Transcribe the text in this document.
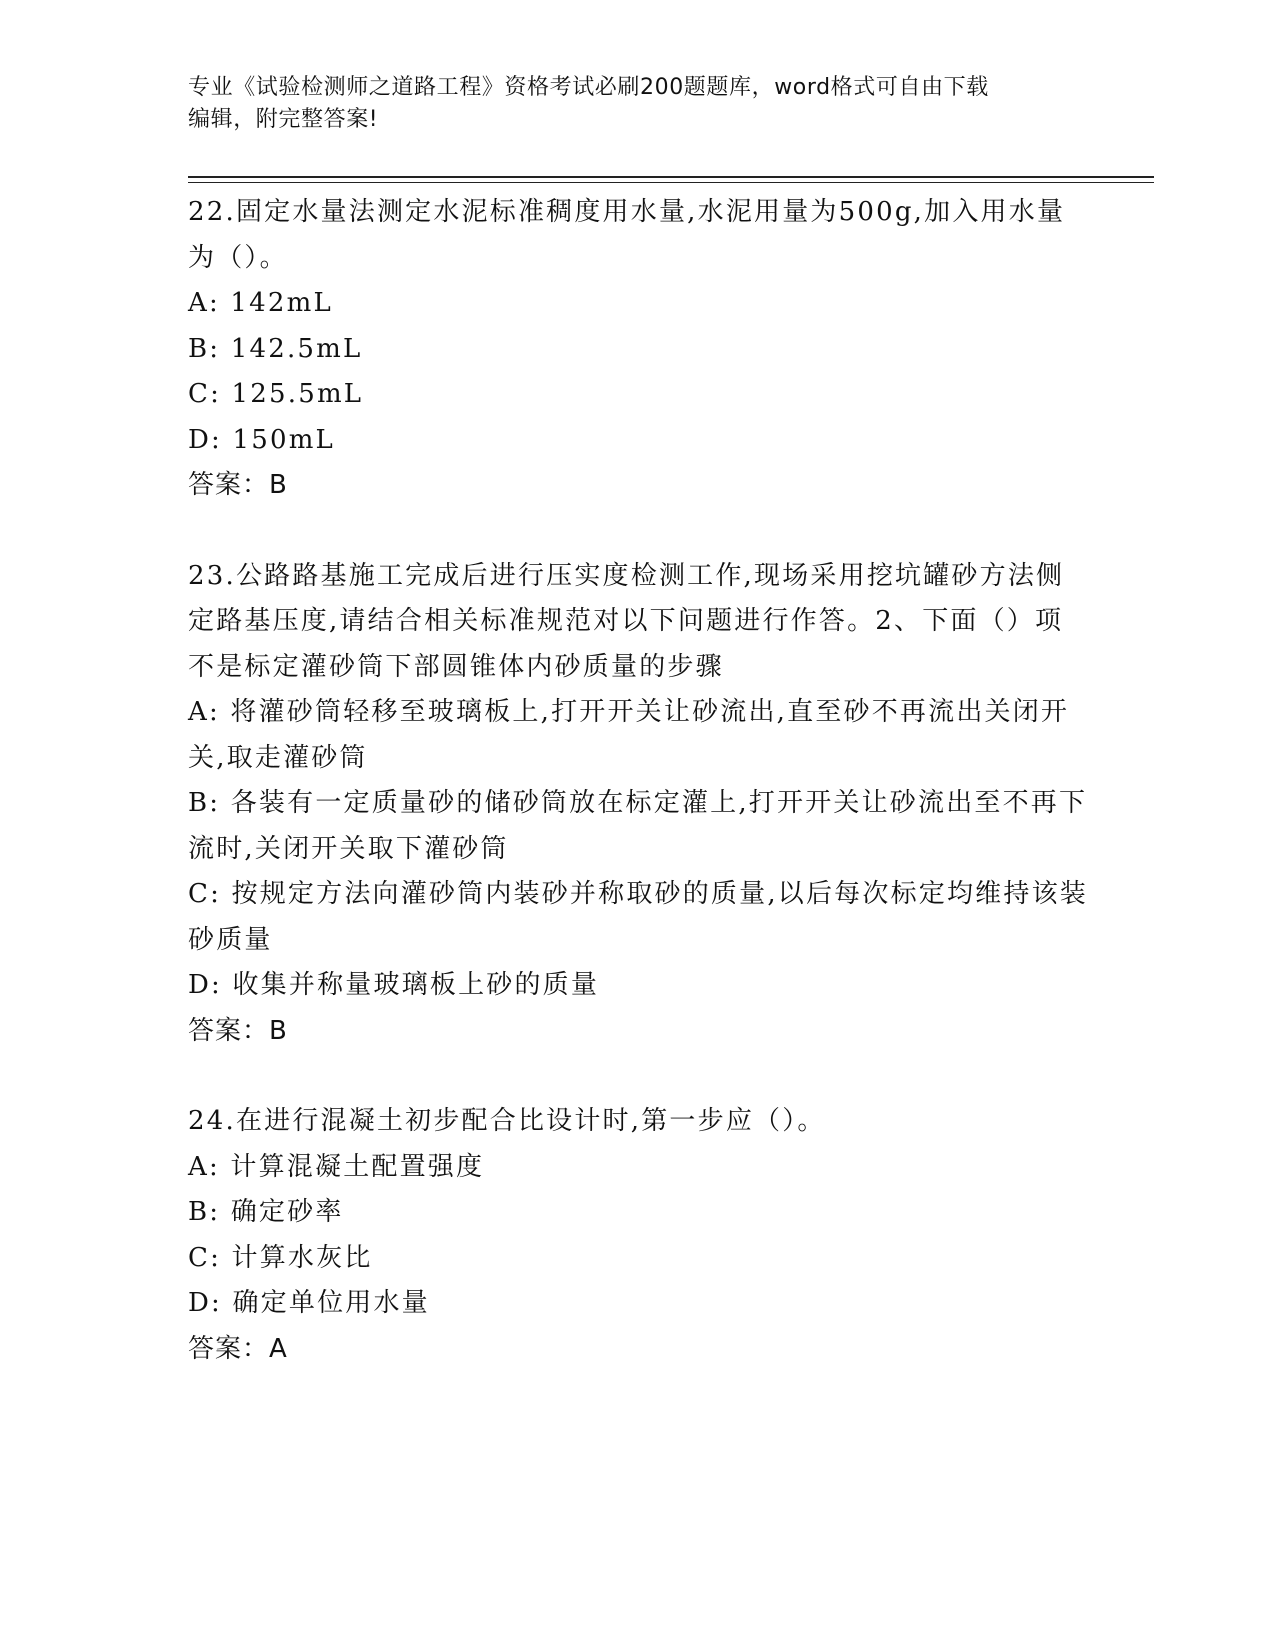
专业《试验检测师之道路工程》资格考试必刷200题题库，word格式可自由下载
编辑，附完整答案!

22.固定水量法测定水泥标准稠度用水量,水泥用量为500g,加入用水量为（）。

A: 142mL

B: 142.5mL

C: 125.5mL

D: 150mL

答案：B

23.公路路基施工完成后进行压实度检测工作,现场采用挖坑罐砂方法侧定路基压度,请结合相关标准规范对以下问题进行作答。2、下面（）项不是标定灌砂筒下部圆锥体内砂质量的步骤

A: 将灌砂筒轻移至玻璃板上,打开开关让砂流出,直至砂不再流出关闭开关,取走灌砂筒

B: 各装有一定质量砂的储砂筒放在标定灌上,打开开关让砂流出至不再下流时,关闭开关取下灌砂筒

C: 按规定方法向灌砂筒内装砂并称取砂的质量,以后每次标定均维持该装砂质量

D: 收集并称量玻璃板上砂的质量

答案：B

24.在进行混凝土初步配合比设计时,第一步应（）。

A: 计算混凝土配置强度

B: 确定砂率

C: 计算水灰比

D: 确定单位用水量

答案：A
